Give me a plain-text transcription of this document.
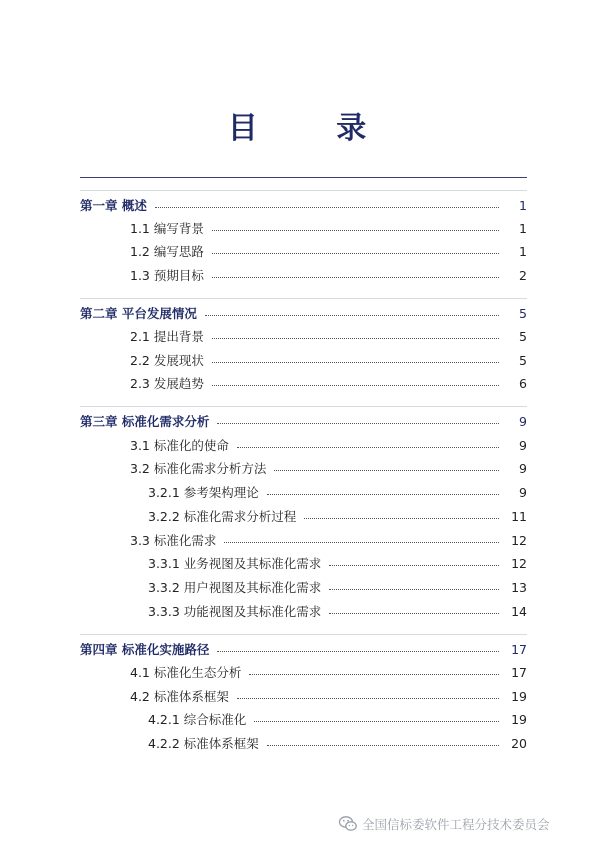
目 录
第一章 概述	1
1.1 编写背景	1
1.2 编写思路	1
1.3 预期目标	2
第二章 平台发展情况	5
2.1 提出背景	5
2.2 发展现状	5
2.3 发展趋势	6
第三章 标准化需求分析	9
3.1 标准化的使命	9
3.2 标准化需求分析方法	9
3.2.1 参考架构理论	9
3.2.2 标准化需求分析过程	11
3.3 标准化需求	12
3.3.1 业务视图及其标准化需求	12
3.3.2 用户视图及其标准化需求	13
3.3.3 功能视图及其标准化需求	14
第四章 标准化实施路径	17
4.1 标准化生态分析	17
4.2 标准体系框架	19
4.2.1 综合标准化	19
4.2.2 标准体系框架	20
全国信标委软件工程分技术委员会
